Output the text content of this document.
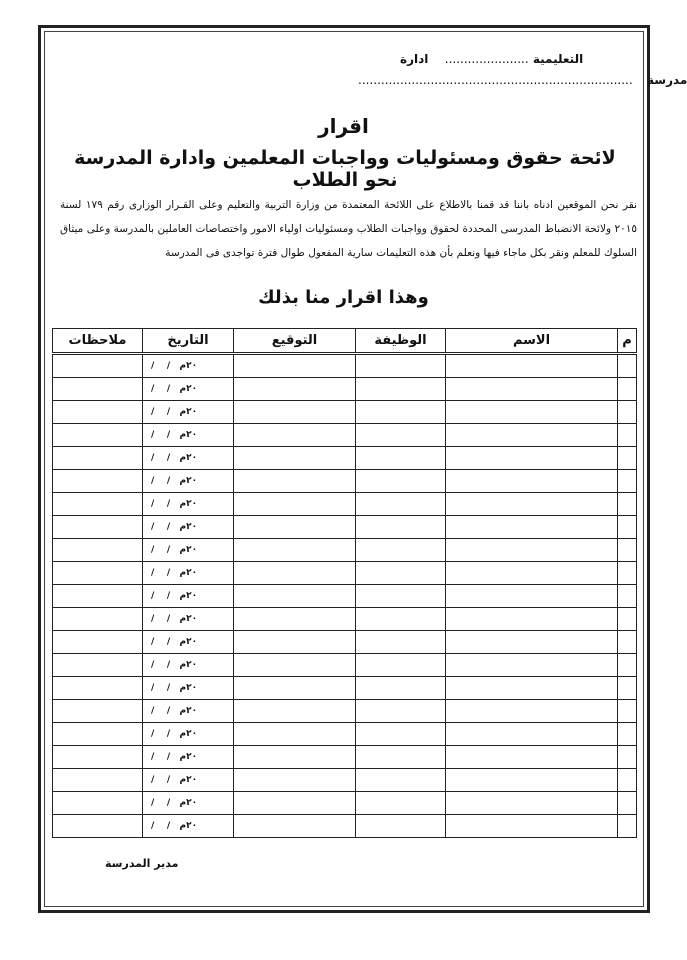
التعليمية ......................  ادارة
........................................................................ مدرسة
اقرار
لائحة حقوق ومسئوليات وواجبات المعلمين وادارة المدرسة نحو الطلاب
نقر نحن الموقعين ادناه باننا قد قمنا بالاطلاع على اللائحة المعتمدة من وزارة التربية والتعليم وعلى القـرار الوزارى رقم ١٧٩ لسنة ٢٠١٥ ولائحة الانضباط المدرسى المحددة لحقوق وواجبات الطلاب ومسئوليات اولياء الامور واختصاصات العاملين بالمدرسة وعلى ميثاق السلوك للمعلم ونقر بكل ماجاء فيها ونعلم بأن هذه التعليمات سارية المفعول طوال فترة تواجدى فى المدرسة
وهذا اقرار منا بذلك
م	الاسم	الوظيفة	التوقيع	التاريخ	ملاحظات
				/    /   ٢٠م	
				/    /   ٢٠م	
				/    /   ٢٠م	
				/    /   ٢٠م	
				/    /   ٢٠م	
				/    /   ٢٠م	
				/    /   ٢٠م	
				/    /   ٢٠م	
				/    /   ٢٠م	
				/    /   ٢٠م	
				/    /   ٢٠م	
				/    /   ٢٠م	
				/    /   ٢٠م	
				/    /   ٢٠م	
				/    /   ٢٠م	
				/    /   ٢٠م	
				/    /   ٢٠م	
				/    /   ٢٠م	
				/    /   ٢٠م	
				/    /   ٢٠م	
				/    /   ٢٠م	
مدير المدرسة
